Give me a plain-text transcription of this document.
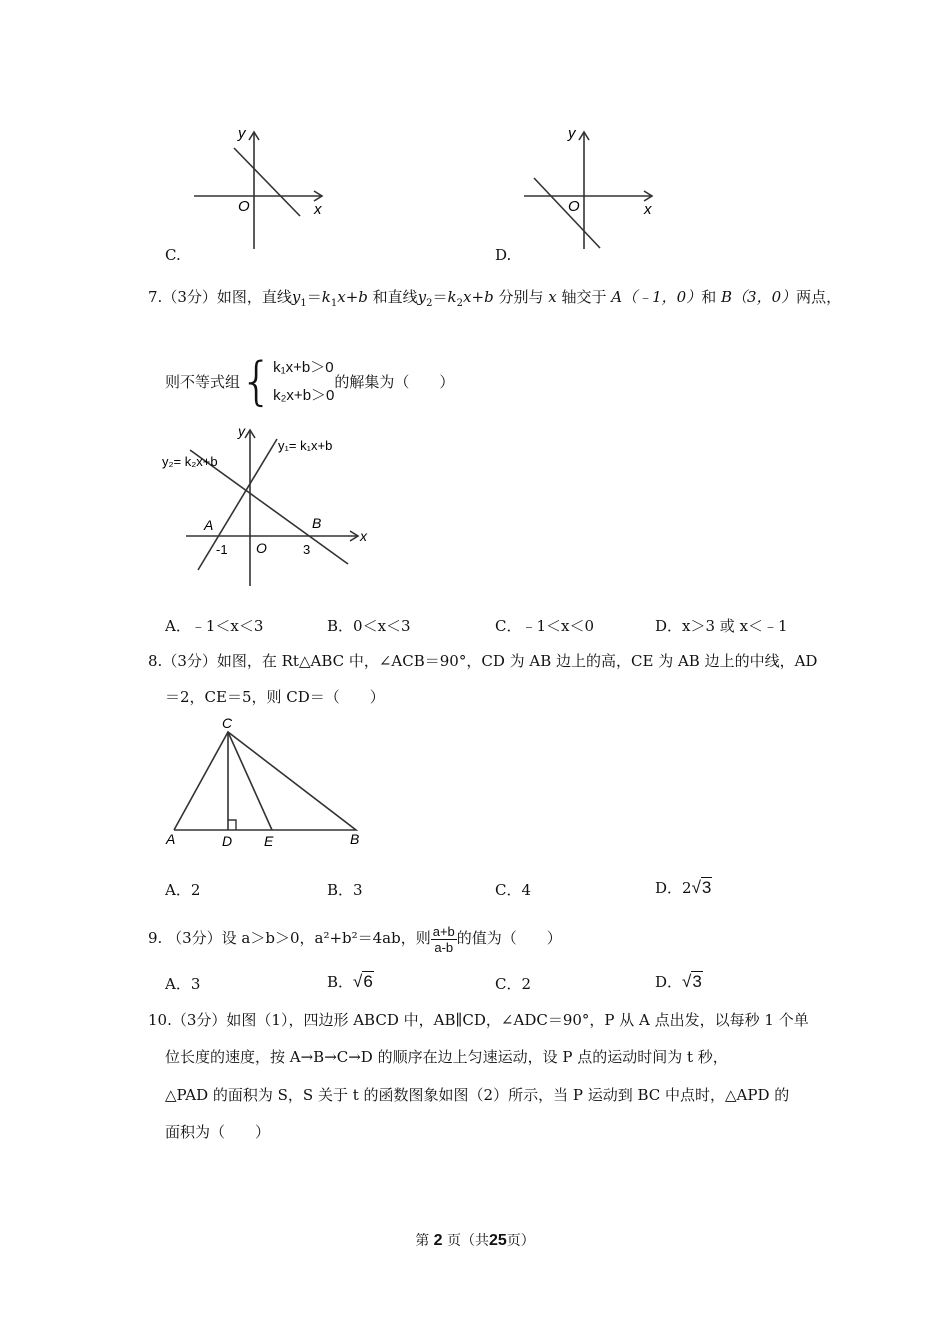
y
O	x
C.
y
O	x
D.
7.（3分）如图，直线$y_1=k_1x+b$ 和直线$y_2=k_2x+b$ 分别与 x 轴交于 A（﹣1，0）和 B（3，0）两点，
则不等式组{k₁x+b＞0
k₂x+b＞0的解集为（　　）
y₂= k₂x+b
y₁= k₁x+b
y
x
O
A	B
-1	3
A．﹣1＜x＜3	B．0＜x＜3	C．﹣1＜x＜0	D．x＞3 或 x＜﹣1
8.（3分）如图，在 Rt△ABC 中，∠ACB＝90°，CD 为 AB 边上的高，CE 为 AB 边上的中线，AD
＝2，CE＝5，则 CD＝（　　）
C
A	D E	B
A．2	B．3	C．4	D．2√3
9. （3分）设 a＞b＞0，a²+b²＝4ab，则 $\frac{a+b}{a-b}$ 的值为（　　）
A．3	B．√6	C．2	D．√3
10.（3分）如图（1），四边形 ABCD 中，AB∥CD，∠ADC＝90°，P 从 A 点出发，以每秒 1 个单
位长度的速度，按 A→B→C→D 的顺序在边上匀速运动，设 P 点的运动时间为 t 秒，
△PAD 的面积为 S，S 关于 t 的函数图象如图（2）所示，当 P 运动到 BC 中点时，△APD 的
面积为（　　）
第 2 页（共25页）
